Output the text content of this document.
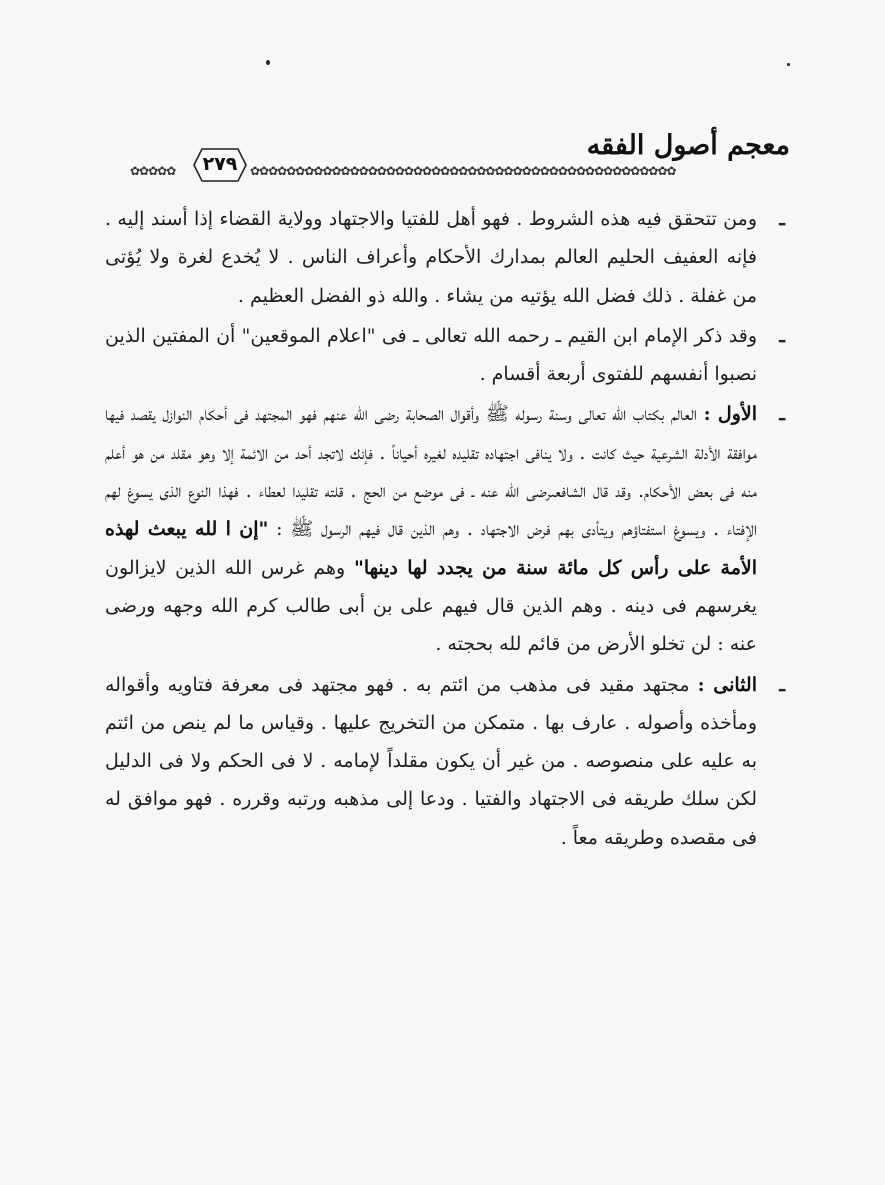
معجم أصول الفقه
✿✿✿✿✿	٢٧٩	✿✿✿✿✿✿✿✿✿✿✿✿✿✿✿✿✿✿✿✿✿✿✿✿✿✿✿✿✿✿✿✿✿✿✿✿✿✿✿✿✿✿✿✿✿✿✿

ـ
ومن تتحقق فيه هذه الشروط . فهو أهل للفتيا والاجتهاد وولاية القضاء إذا أسند إليه . فإنه العفيف الحليم العالم بمدارك الأحكام وأعراف الناس . لا يُخدع لغرة ولا يُؤتى من غفلة . ذلك فضل الله يؤتيه من يشاء . والله ذو الفضل العظيم .

ـ
وقد ذكر الإمام ابن القيم ـ رحمه الله تعالى ـ فى "اعلام الموقعين" أن المفتين الذين نصبوا أنفسهم للفتوى أربعة أقسام .

ـ
الأول : العالم بكتاب الله تعالى وسنة رسوله ﷺ وأقوال الصحابة رضى الله عنهم فهو المجتهد فى أحكام النوازل يقصد فيها موافقة الأدلة الشرعية حيث كانت . ولا ينافى اجتهاده تقليده لغيره أحياناً . فإنك لاتجد أحد من الائمة إلا وهو مقلد من هو أعلم منه فى بعض الأحكام. وقد قال الشافعىرضى الله عنه ـ فى موضع من الحج . قلته تقليدا لعطاء . فهذا النوع الذى يسوغ لهم الإفتاء . ويسوغ استفتاؤهم ويتأدى بهم فرض الاجتهاد . وهم الذين قال فيهم الرسول ﷺ : "إن ا لله يبعث لهذه الأمة على رأس كل مائة سنة من يجدد لها دينها" وهم غرس الله الذين لايزالون يغرسهم فى دينه . وهم الذين قال فيهم على بن أبى طالب كرم الله وجهه ورضى عنه : لن تخلو الأرض من قائم لله بحجته .

ـ
الثانى : مجتهد مقيد فى مذهب من ائتم به . فهو مجتهد فى معرفة فتاويه وأقواله ومأخذه وأصوله . عارف بها . متمكن من التخريج عليها . وقياس ما لم ينص من ائتم به عليه على منصوصه . من غير أن يكون مقلداً لإمامه . لا فى الحكم ولا فى الدليل لكن سلك طريقه فى الاجتهاد والفتيا . ودعا إلى مذهبه ورتبه وقرره . فهو موافق له فى مقصده وطريقه معاً .
